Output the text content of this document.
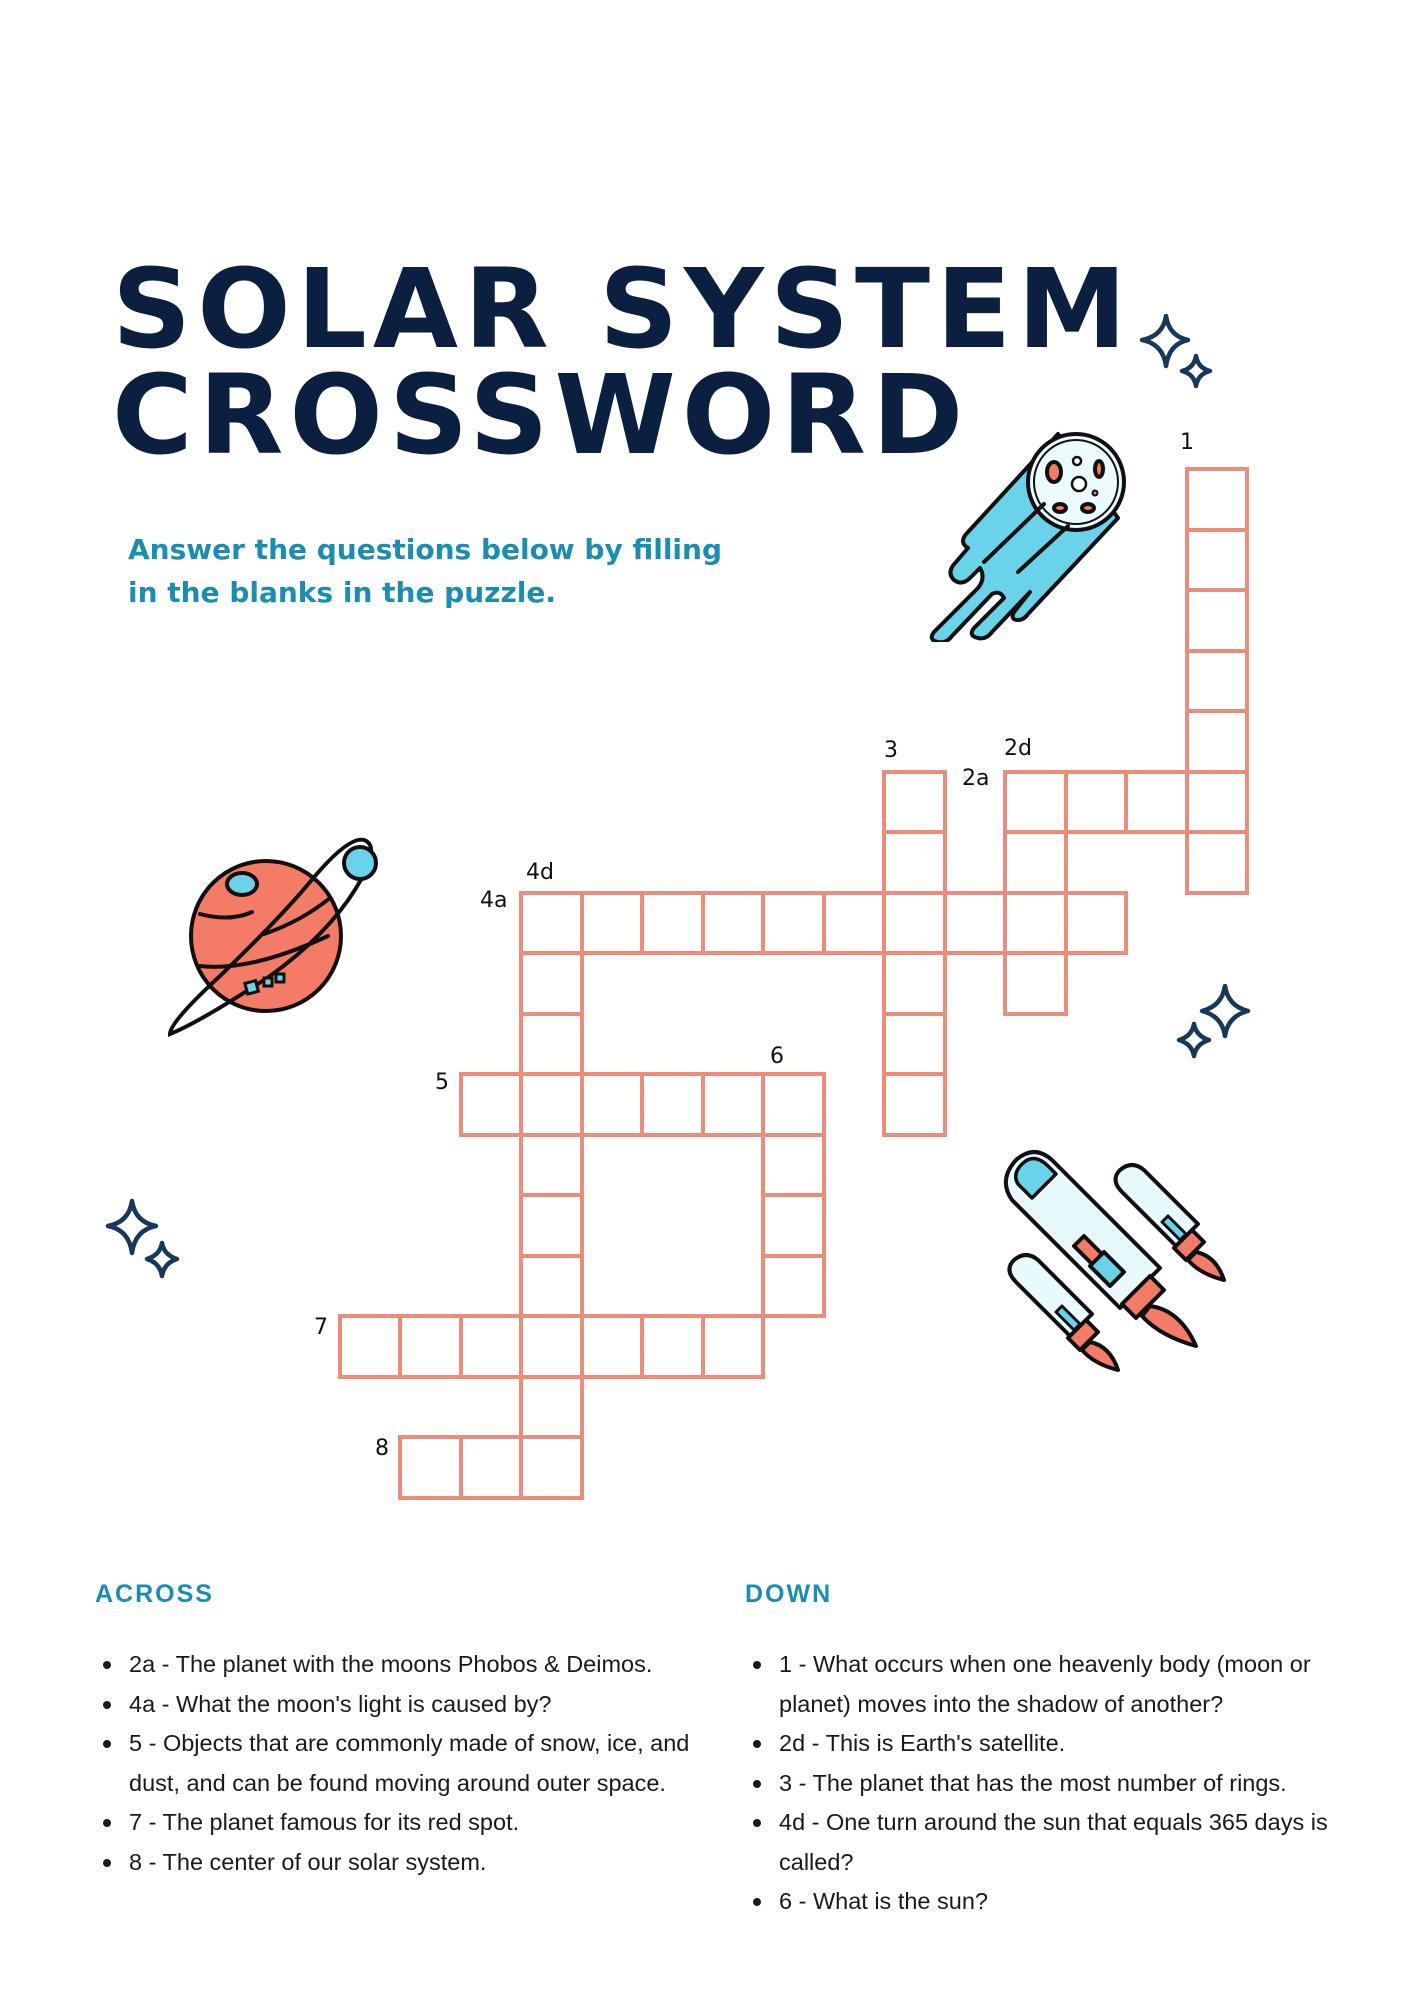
SOLAR SYSTEM
CROSSWORD
Answer the questions below by filling in the blanks in the puzzle.
1
3	2d
2a
4d
4a
6
5
7
8
ACROSS
2a - The planet with the moons Phobos & Deimos.
4a - What the moon's light is caused by?
5 - Objects that are commonly made of snow, ice, and dust, and can be found moving around outer space.
7 - The planet famous for its red spot.
8 - The center of our solar system.
DOWN
1 - What occurs when one heavenly body (moon or planet) moves into the shadow of another?
2d - This is Earth's satellite.
3 - The planet that has the most number of rings.
4d - One turn around the sun that equals 365 days is called?
6 - What is the sun?
